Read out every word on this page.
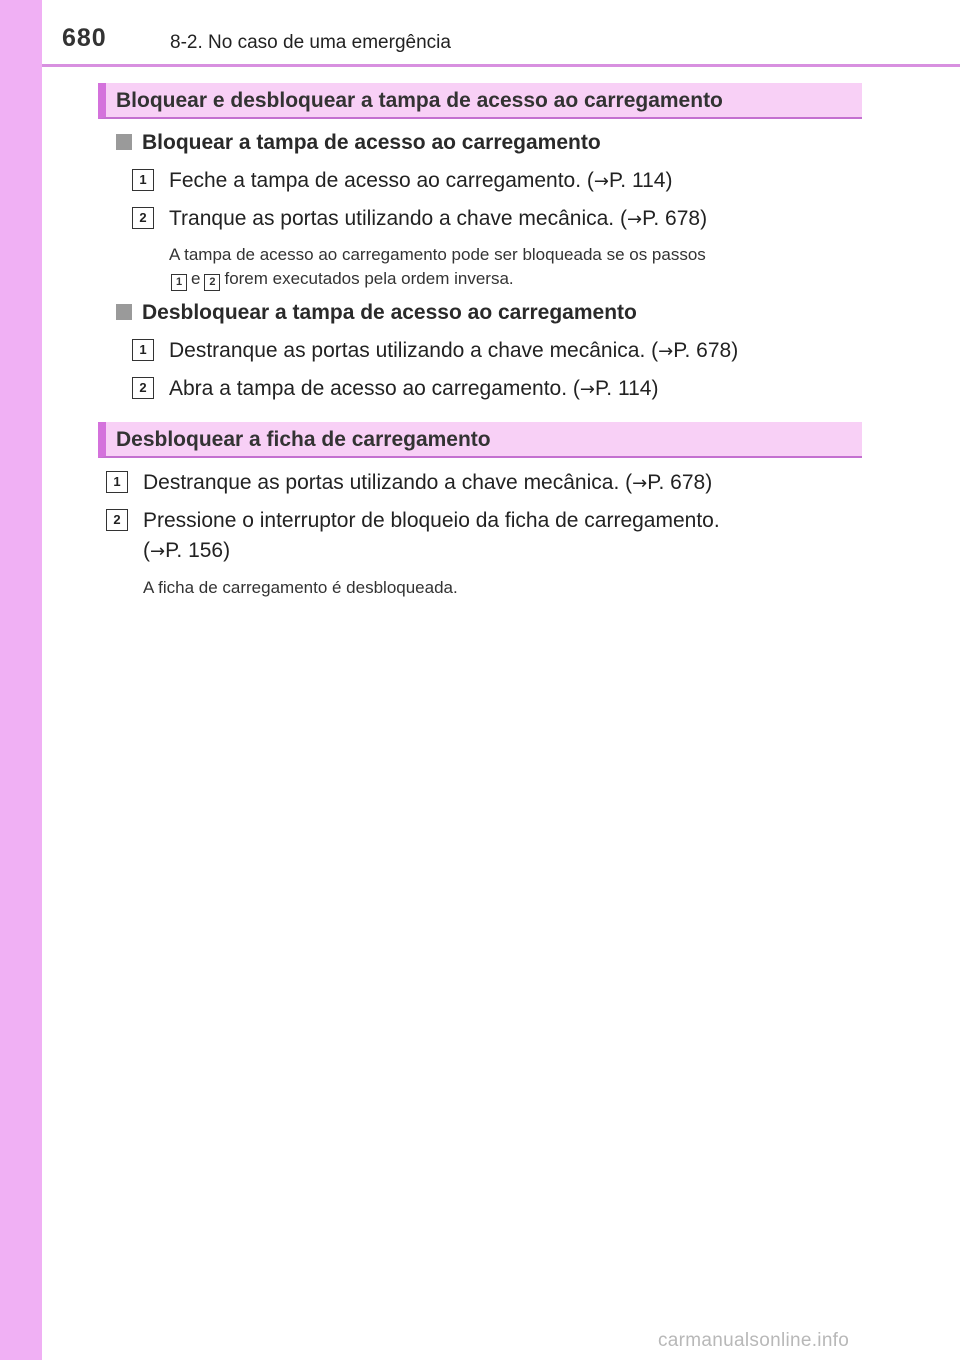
680	8-2. No caso de uma emergência
Bloquear e desbloquear a tampa de acesso ao carregamento
Bloquear a tampa de acesso ao carregamento
1	Feche a tampa de acesso ao carregamento. (→P. 114)
2	Tranque as portas utilizando a chave mecânica. (→P. 678)
A tampa de acesso ao carregamento pode ser bloqueada se os passos
1 e 2 forem executados pela ordem inversa.
Desbloquear a tampa de acesso ao carregamento
1	Destranque as portas utilizando a chave mecânica. (→P. 678)
2	Abra a tampa de acesso ao carregamento. (→P. 114)
Desbloquear a ficha de carregamento
1	Destranque as portas utilizando a chave mecânica. (→P. 678)
2	Pressione o interruptor de bloqueio da ficha de carregamento.
(→P. 156)
A ficha de carregamento é desbloqueada.
carmanualsonline.info
